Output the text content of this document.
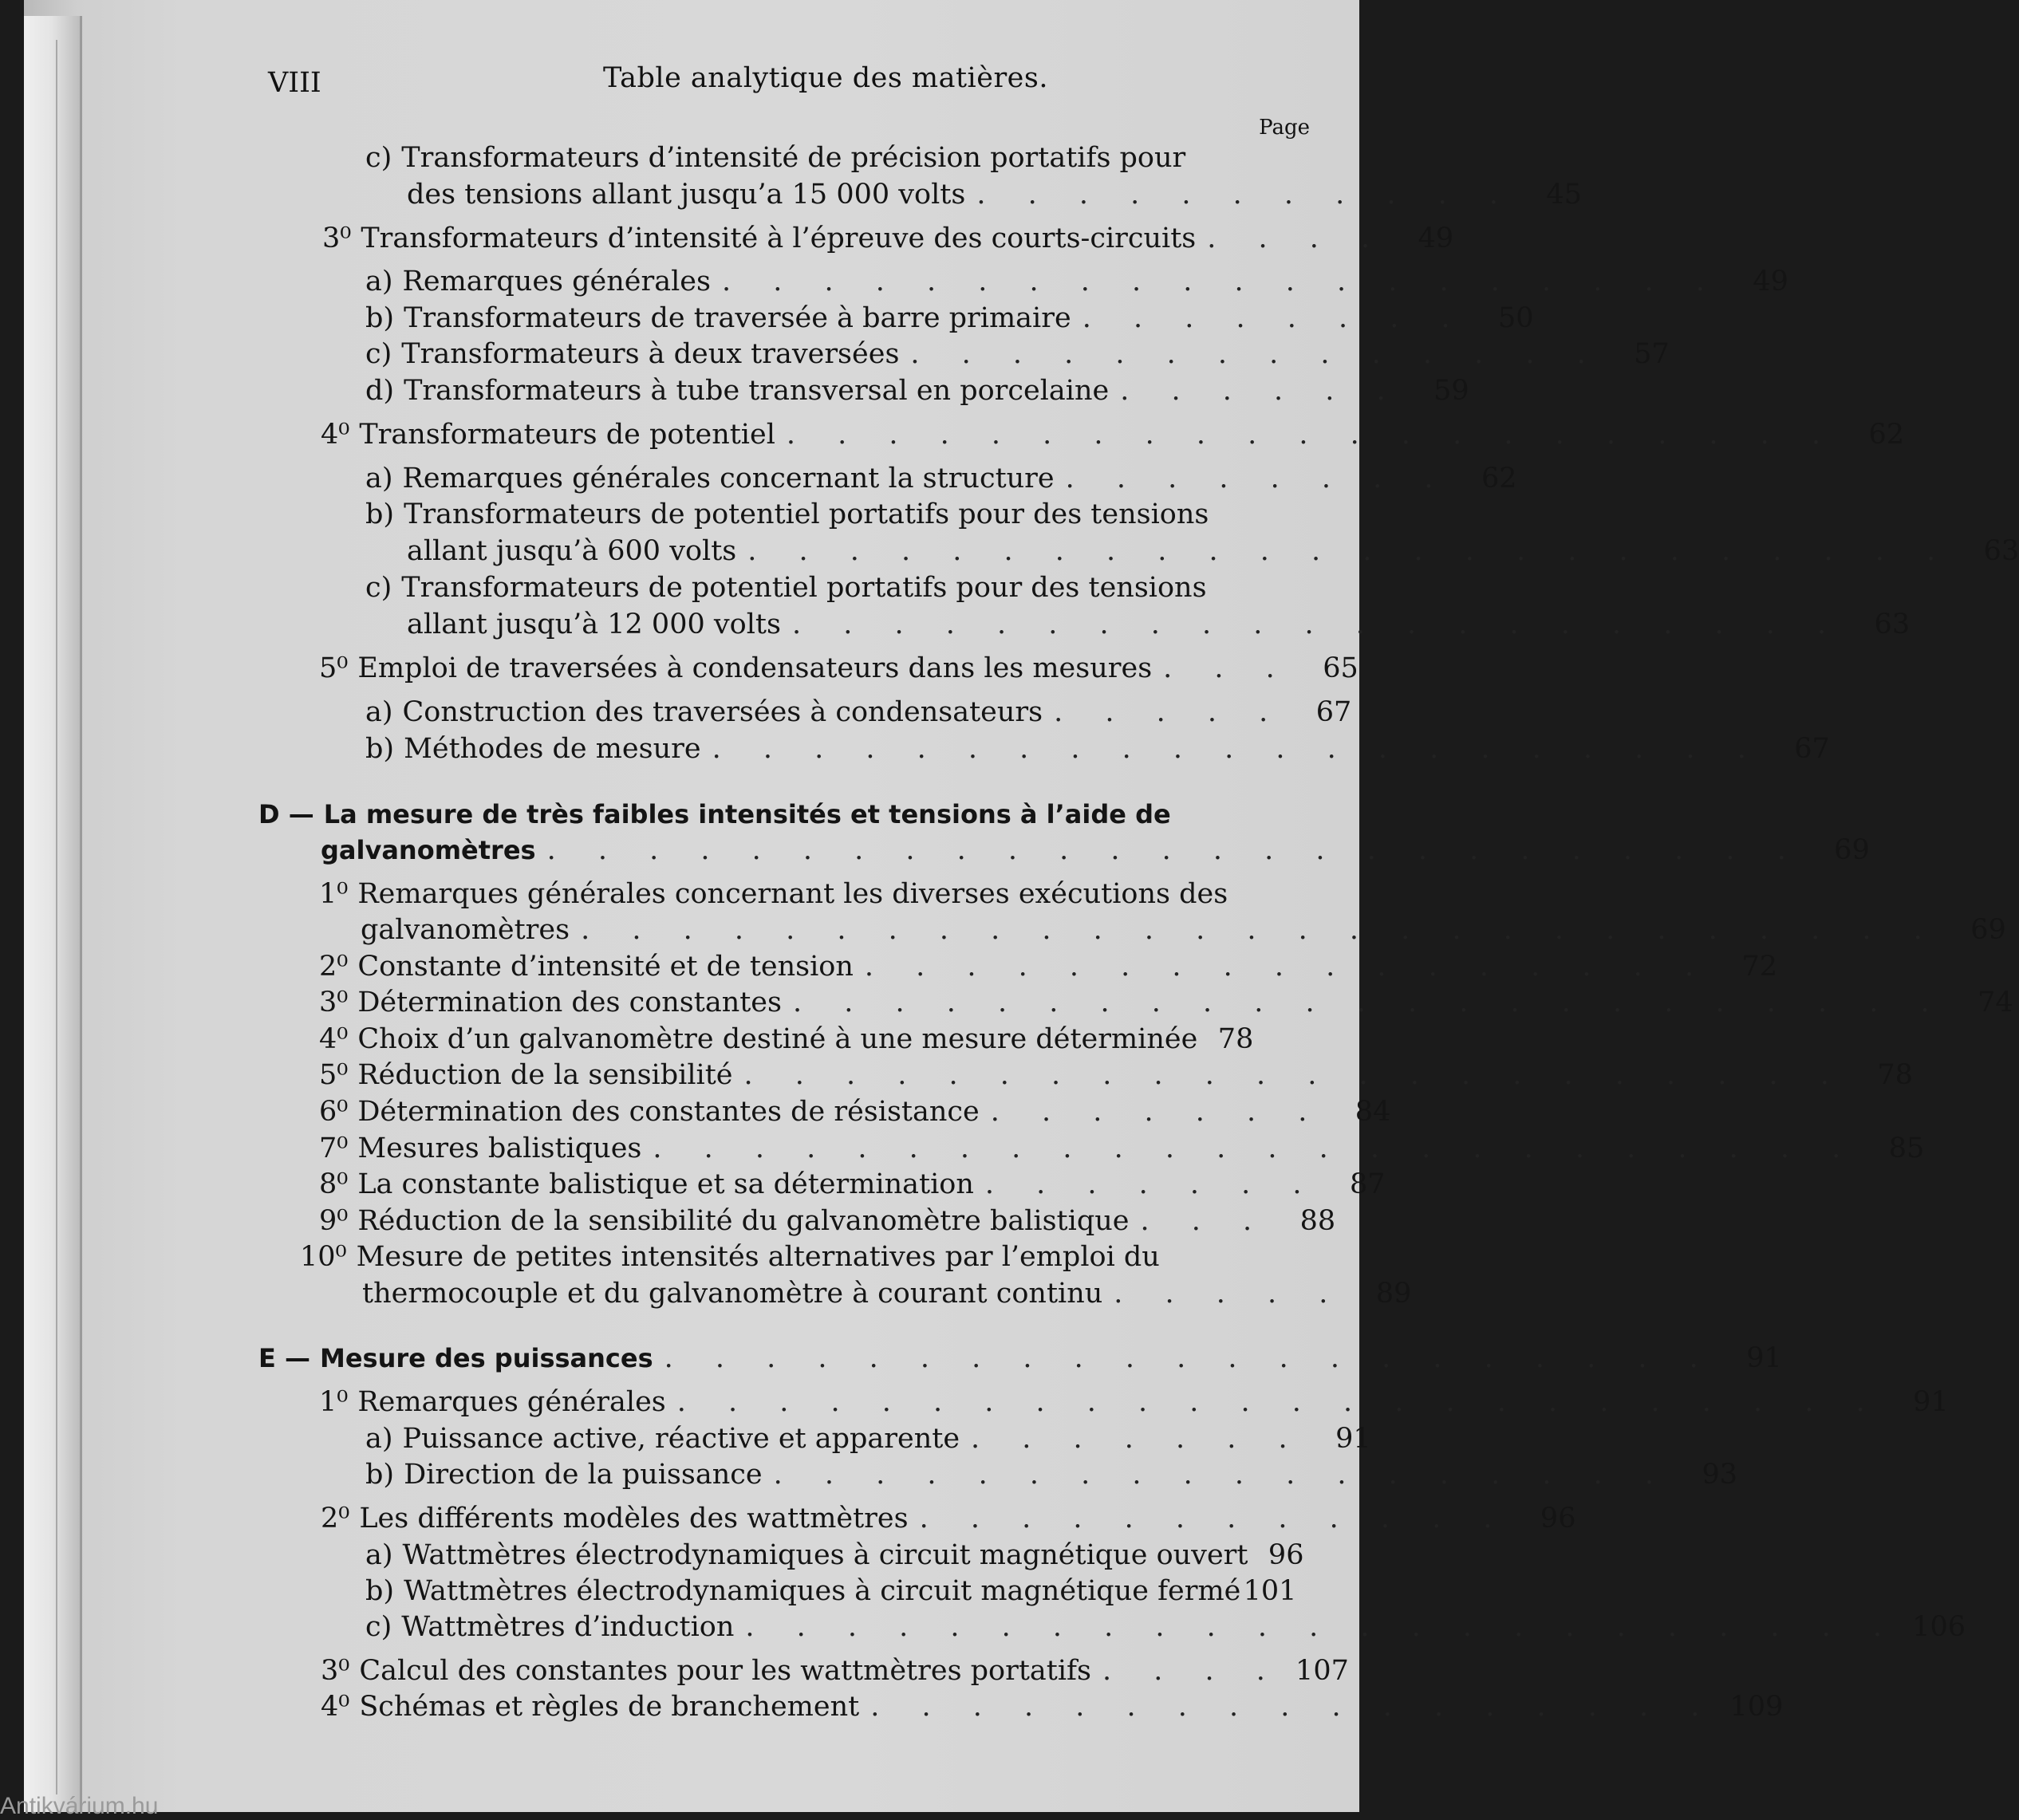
VIII	Table analytique des matières.
Page
c) Transformateurs d’intensité de précision portatifs pour
des tensions allant jusqu’a 15 000 volts . . . . . . . . . . .	45
3⁰ Transformateurs d’intensité à l’épreuve des courts-circuits . . . .	49
a) Remarques générales . . . . . . . . . . . . . . . . . . . .	49
b) Transformateurs de traversée à barre primaire . . . . . . . .	50
c) Transformateurs à deux traversées . . . . . . . . . . . . . .	57
d) Transformateurs à tube transversal en porcelaine . . . . . .	59
4⁰ Transformateurs de potentiel . . . . . . . . . . . . . . . . . . . . .	62
a) Remarques générales concernant la structure . . . . . . . .	62
b) Transformateurs de potentiel portatifs pour des tensions
allant jusqu’à 600 volts . . . . . . . . . . . . . . . . . . . . . . . .	63
c) Transformateurs de potentiel portatifs pour des tensions
allant jusqu’à 12 000 volts . . . . . . . . . . . . . . . . . . . . .	63
5⁰ Emploi de traversées à condensateurs dans les mesures . . .	65
a) Construction des traversées à condensateurs . . . . .	67
b) Méthodes de mesure . . . . . . . . . . . . . . . . . . . . .	67
D — La mesure de très faibles intensités et tensions à l’aide de
galvanomètres . . . . . . . . . . . . . . . . . . . . . . . . .	69
1⁰ Remarques générales concernant les diverses exécutions des
galvanomètres . . . . . . . . . . . . . . . . . . . . . . . . . . .	69
2⁰ Constante d’intensité et de tension . . . . . . . . . . . . . . . . .	72
3⁰ Détermination des constantes . . . . . . . . . . . . . . . . . . . . . . .	74
4⁰ Choix d’un galvanomètre destiné à une mesure déterminée 78
5⁰ Réduction de la sensibilité . . . . . . . . . . . . . . . . . . . . . .	78
6⁰ Détermination des constantes de résistance . . . . . . .	84
7⁰ Mesures balistiques . . . . . . . . . . . . . . . . . . . . . . . .	85
8⁰ La constante balistique et sa détermination . . . . . . .	87
9⁰ Réduction de la sensibilité du galvanomètre balistique . . .	88
10⁰ Mesure de petites intensités alternatives par l’emploi du
thermocouple et du galvanomètre à courant continu . . . . .	89
E — Mesure des puissances . . . . . . . . . . . . . . . . . . . . .	91
1⁰ Remarques générales . . . . . . . . . . . . . . . . . . . . . . . .	91
a) Puissance active, réactive et apparente . . . . . . .	91
b) Direction de la puissance . . . . . . . . . . . . . . . . . .	93
2⁰ Les différents modèles des wattmètres . . . . . . . . . . . .	96
a) Wattmètres électrodynamiques à circuit magnétique ouvert 96
b) Wattmètres électrodynamiques à circuit magnétique fermé 101
c) Wattmètres d’induction . . . . . . . . . . . . . . . . . . . . . . . 106
3⁰ Calcul des constantes pour les wattmètres portatifs . . . . 107
4⁰ Schémas et règles de branchement . . . . . . . . . . . . . . . . . 109
Antikvárium.hu
